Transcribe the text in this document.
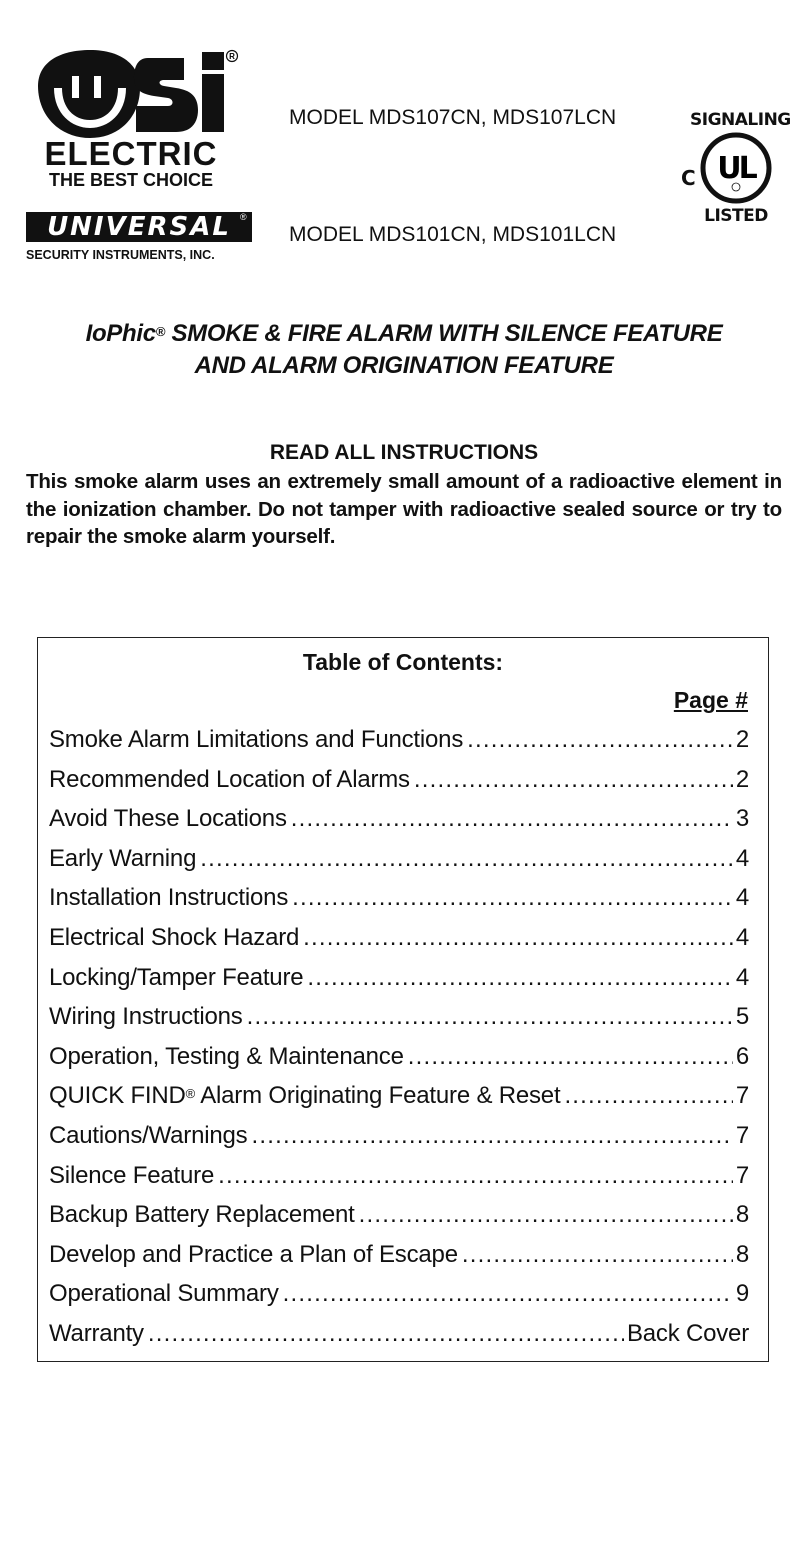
R
ELECTRIC
THE BEST CHOICE
UNIVERSAL	®
SECURITY INSTRUMENTS, INC.
MODEL MDS107CN, MDS107LCN
MODEL MDS101CN, MDS101LCN
SIGNALING
C UL
LISTED
IoPhic® SMOKE & FIRE ALARM WITH SILENCE FEATURE
AND ALARM ORIGINATION FEATURE
READ ALL INSTRUCTIONS
This smoke alarm uses an extremely small amount of a radioactive element in the ionization chamber. Do not tamper with radioactive sealed source or try to repair the smoke alarm yourself.
Table of Contents:
Page #
Smoke Alarm Limitations and Functions .....	2
Recommended Location of Alarms .....	2
Avoid These Locations .....	3
Early Warning .....	4
Installation Instructions .....	4
Electrical Shock Hazard .....	4
Locking/Tamper Feature .....	4
Wiring Instructions .....	5
Operation, Testing & Maintenance .....	6
QUICK FIND® Alarm Originating Feature & Reset .....	7
Cautions/Warnings .....	7
Silence Feature .....	7
Backup Battery Replacement .....	8
Develop and Practice a Plan of Escape .....	8
Operational Summary .....	9
Warranty .....	Back Cover
